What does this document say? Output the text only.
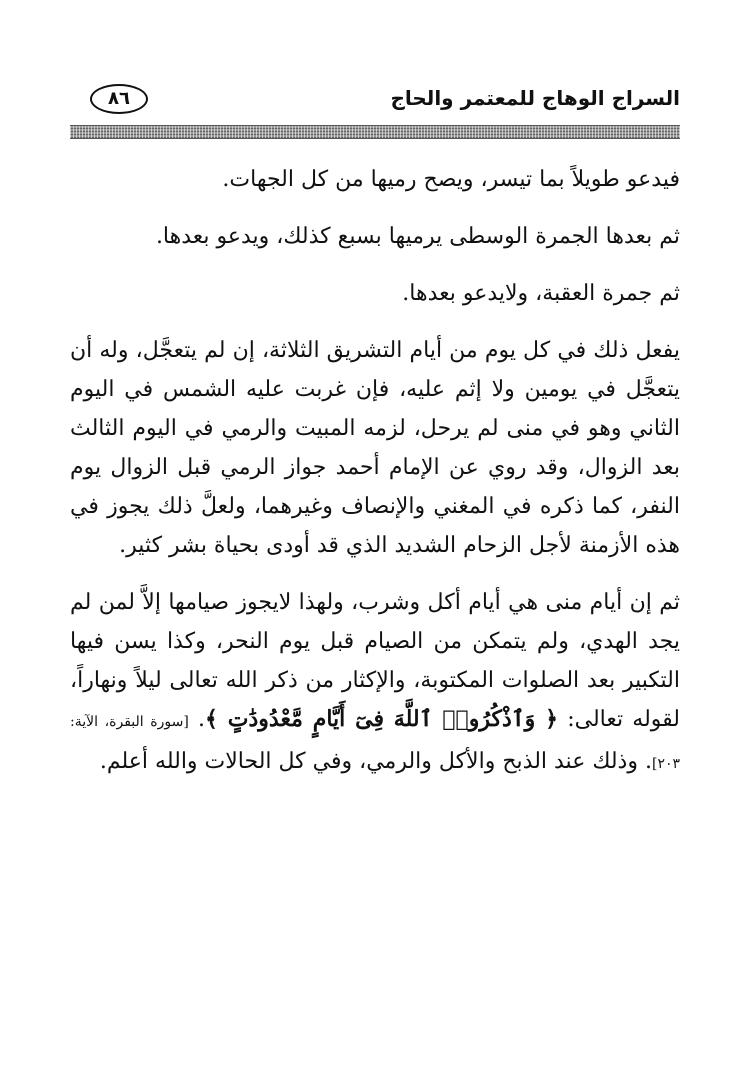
السراج الوهاج للمعتمر والحاج
٨٦

فيدعو طويلاً بما تيسر، ويصح رميها من كل الجهات.

ثم بعدها الجمرة الوسطى يرميها بسبع كذلك، ويدعو بعدها.

ثم جمرة العقبة، ولايدعو بعدها.

يفعل ذلك في كل يوم من أيام التشريق الثلاثة، إن لم يتعجَّل، وله أن يتعجَّل في يومين ولا إثم عليه، فإن غربت عليه الشمس في اليوم الثاني وهو في منى لم يرحل، لزمه المبيت والرمي في اليوم الثالث بعد الزوال، وقد روي عن الإمام أحمد جواز الرمي قبل الزوال يوم النفر، كما ذكره في المغني والإنصاف وغيرهما، ولعلَّ ذلك يجوز في هذه الأزمنة لأجل الزحام الشديد الذي قد أودى بحياة بشر كثير.

ثم إن أيام منى هي أيام أكل وشرب، ولهذا لايجوز صيامها إلاَّ لمن لم يجد الهدي، ولم يتمكن من الصيام قبل يوم النحر، وكذا يسن فيها التكبير بعد الصلوات المكتوبة، والإكثار من ذكر الله تعالى ليلاً ونهاراً، لقوله تعالى: ﴿ وَٱذْكُرُوا۟ ٱللَّهَ فِىٓ أَيَّامٍ مَّعْدُودَٰتٍ ﴾. [سورة البقرة، الآية: ٢٠٣]. وذلك عند الذبح والأكل والرمي، وفي كل الحالات والله أعلم.
